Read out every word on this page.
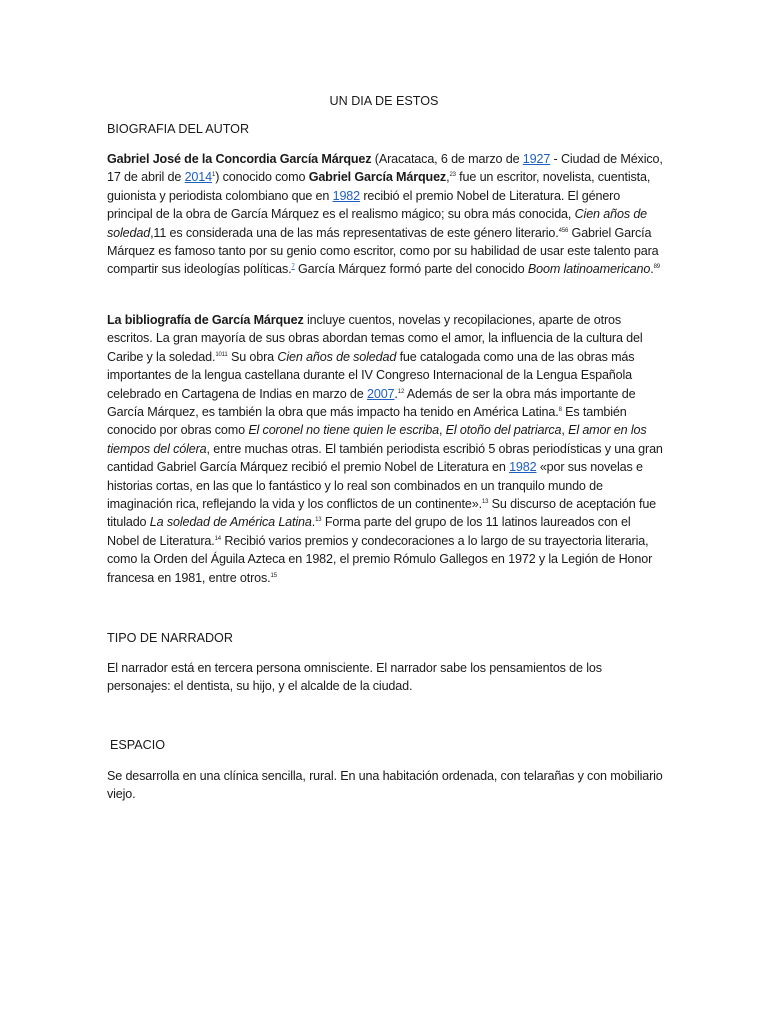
UN DIA DE ESTOS
BIOGRAFIA DEL AUTOR
Gabriel José de la Concordia García Márquez (Aracataca, 6 de marzo de 1927 - Ciudad de México, 17 de abril de 2014$^1$) conocido como Gabriel García Márquez,$^{23}$ fue un escritor, novelista, cuentista, guionista y periodista colombiano que en 1982 recibió el premio Nobel de Literatura. El género principal de la obra de García Márquez es el realismo mágico; su obra más conocida, Cien años de soledad,11 es considerada una de las más representativas de este género literario.$^{456}$ Gabriel García Márquez es famoso tanto por su genio como escritor, como por su habilidad de usar este talento para compartir sus ideologías políticas.$^7$ García Márquez formó parte del conocido Boom latinoamericano.$^{89}$
La bibliografía de García Márquez incluye cuentos, novelas y recopilaciones, aparte de otros escritos. La gran mayoría de sus obras abordan temas como el amor, la influencia de la cultura del Caribe y la soledad.$^{1011}$ Su obra Cien años de soledad fue catalogada como una de las obras más importantes de la lengua castellana durante el IV Congreso Internacional de la Lengua Española celebrado en Cartagena de Indias en marzo de 2007.12 Además de ser la obra más importante de García Márquez, es también la obra que más impacto ha tenido en América Latina.$^8$ Es también conocido por obras como El coronel no tiene quien le escriba, El otoño del patriarca, El amor en los tiempos del cólera, entre muchas otras. El también periodista escribió 5 obras periodísticas y una gran cantidad Gabriel García Márquez recibió el premio Nobel de Literatura en 1982 «por sus novelas e historias cortas, en las que lo fantástico y lo real son combinados en un tranquilo mundo de imaginación rica, reflejando la vida y los conflictos de un continente».$^{13}$ Su discurso de aceptación fue titulado La soledad de América Latina.$^{13}$ Forma parte del grupo de los 11 latinos laureados con el Nobel de Literatura.$^{14}$ Recibió varios premios y condecoraciones a lo largo de su trayectoria literaria, como la Orden del Águila Azteca en 1982, el premio Rómulo Gallegos en 1972 y la Legión de Honor francesa en 1981, entre otros.$^{15}$
TIPO DE NARRADOR
El narrador está en tercera persona omnisciente. El narrador sabe los pensamientos de los personajes: el dentista, su hijo, y el alcalde de la ciudad.
ESPACIO
Se desarrolla en una clínica sencilla, rural. En una habitación ordenada, con telarañas y con mobiliario viejo.
